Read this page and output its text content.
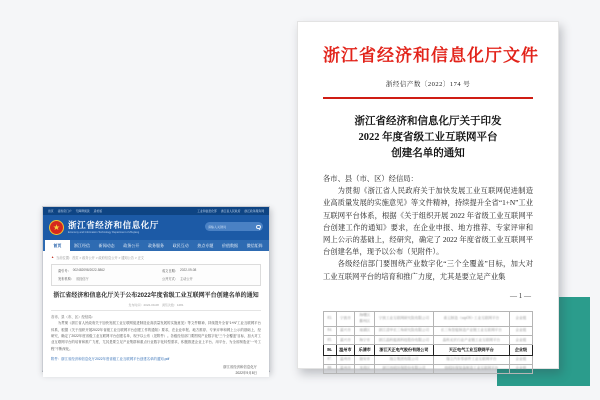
浙江省经济和信息化厅文件
浙经信产数〔2022〕174 号
浙江省经济和信息化厅关于印发
2022 年度省级工业互联网平台
创建名单的通知
各市、县（市、区）经信局：

为贯彻《浙江省人民政府关于加快发展工业互联网促进制造业高质量发展的实施意见》等文件精神，持续提升全省“1+N”工业互联网平台体系，根据《关于组织开展 2022 年省级工业互联网平台创建工作的通知》要求，在企业申报、地方推荐、专家评审和网上公示的基础上，经研究，确定了 2022 年度省级工业互联网平台创建名单，现予以公布（见附件）。

各级经信部门要围绕产业数字化“三个全覆盖”目标，加大对工业互联网平台的培育和推广力度，尤其是要立足产业集

— 1 —
83.	宁波市	海曙区 鄞州区	宁波工业互联网研究院有限公司	甬云制造（supOS）·工业互联网平台	企业级
84.	嘉兴市	南湖区	浙江清华长三角研究院有限公司	长三角智能制造产业链工业互联网平台	企业级
85.	嘉兴市	海宁市	浙江晶科能源科技股份有限公司	晶科光伏行业产业链工业互联网平台	企业级
86.	温州市	乐清市	浙江天正电气股份有限公司	天正电气工业互联网平台	企业级
87.	温州市	瑞安市	瑞立集团有限公司	瑞立汽车零部件工业互联网平台	企业级
88.	温州市	龙湾区	浙江伟明环保股份有限公司	伟明环保装备制造工业互联网平台	企业级
首页 省政府门户 无障碍阅读 适老版	工业和信息化部 浙江省人民政府 浙江政务服务网
★ 浙江省经济和信息化厅
Economy and Information Technology Department of Zhejiang
请输入关键词
首页	浙江经信	新闻动态	政务公开	政务服务	政民互动	热点专题	价值数据	微信矩阵
▲ 当前位置：首页 > 政务公开 > 政府信息公开 > 通知公告 > 正文
索引号： 002482098/2022-5862	成文日期： 2022-09-08
发布机构： 省经信厅	公开方式： 主动公开
浙江省经济和信息化厅关于公布2022年度省级工业互联网平台创建名单的通知
发布时间：2022-09-08　浏览次数：1281
各市、县（市、区）经信局：

为贯彻《浙江省人民政府关于加快发展工业互联网促进制造业高质量发展的实施意见》等文件精神，持续提升全省“1+N”工业互联网平台体系，根据《关于组织开展2022年省级工业互联网平台创建工作的通知》要求，在企业申报、地方推荐、专家评审和网上公示的基础上，经研究，确定了2022年度省级工业互联网平台创建名单，现予以公布（见附件）。各级经信部门要围绕产业数字化“三个全覆盖”目标，加大对工业互联网平台的培育和推广力度，尤其是要立足产业集群和重点行业数字化转型需求，积极推进企业上平台、用平台，为全省制造业“一号工程”不断深化。

附件：浙江省经济和信息化厅2022年度省级工业互联网平台创建名单的通知.pdf
浙江省经济和信息化厅
2022年9月8日
